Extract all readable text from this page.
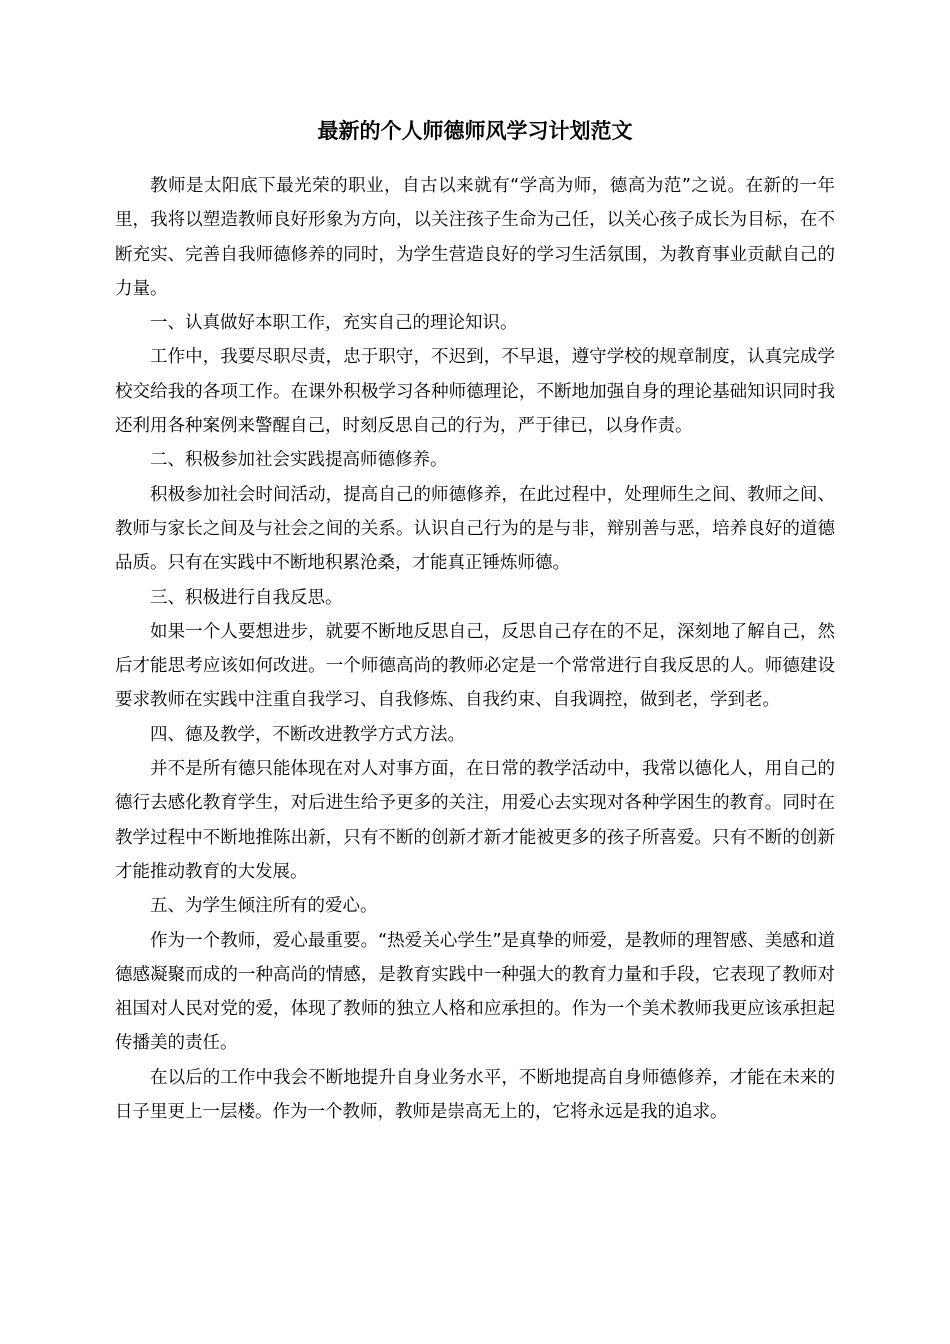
最新的个人师德师风学习计划范文

教师是太阳底下最光荣的职业，自古以来就有“学高为师，德高为范”之说。在新的一年里，我将以塑造教师良好形象为方向，以关注孩子生命为己任，以关心孩子成长为目标，在不断充实、完善自我师德修养的同时，为学生营造良好的学习生活氛围，为教育事业贡献自己的力量。

一、认真做好本职工作，充实自己的理论知识。

工作中，我要尽职尽责，忠于职守，不迟到，不早退，遵守学校的规章制度，认真完成学校交给我的各项工作。在课外积极学习各种师德理论，不断地加强自身的理论基础知识同时我还利用各种案例来警醒自己，时刻反思自己的行为，严于律已，以身作责。

二、积极参加社会实践提高师德修养。

积极参加社会时间活动，提高自己的师德修养，在此过程中，处理师生之间、教师之间、教师与家长之间及与社会之间的关系。认识自己行为的是与非，辩别善与恶，培养良好的道德品质。只有在实践中不断地积累沧桑，才能真正锤炼师德。

三、积极进行自我反思。

如果一个人要想进步，就要不断地反思自己，反思自己存在的不足，深刻地了解自己，然后才能思考应该如何改进。一个师德高尚的教师必定是一个常常进行自我反思的人。师德建设要求教师在实践中注重自我学习、自我修炼、自我约束、自我调控，做到老，学到老。

四、德及教学，不断改进教学方式方法。

并不是所有德只能体现在对人对事方面，在日常的教学活动中，我常以德化人，用自己的德行去感化教育学生，对后进生给予更多的关注，用爱心去实现对各种学困生的教育。同时在教学过程中不断地推陈出新，只有不断的创新才新才能被更多的孩子所喜爱。只有不断的创新才能推动教育的大发展。

五、为学生倾注所有的爱心。

作为一个教师，爱心最重要。“热爱关心学生”是真挚的师爱，是教师的理智感、美感和道德感凝聚而成的一种高尚的情感，是教育实践中一种强大的教育力量和手段，它表现了教师对祖国对人民对党的爱，体现了教师的独立人格和应承担的。作为一个美术教师我更应该承担起传播美的责任。

在以后的工作中我会不断地提升自身业务水平，不断地提高自身师德修养，才能在未来的日子里更上一层楼。作为一个教师，教师是崇高无上的，它将永远是我的追求。
